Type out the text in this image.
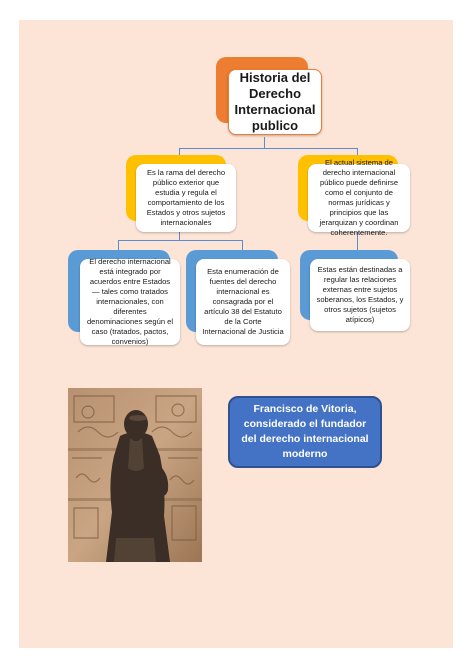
Historia del Derecho Internacional publico
Es la rama del derecho público exterior que estudia y regula el comportamiento de los Estados y otros sujetos internacionales
El actual sistema de derecho internacional público puede definirse como el conjunto de normas jurídicas y principios que las jerarquizan y coordinan coherentemente.
El derecho internacional está integrado por acuerdos entre Estados — tales como tratados internacionales, con diferentes denominaciones según el caso (tratados, pactos, convenios)
Esta enumeración de fuentes del derecho internacional es consagrada por el artículo 38 del Estatuto de la Corte Internacional de Justicia
Estas están destinadas a regular las relaciones externas entre sujetos soberanos, los Estados, y otros sujetos (sujetos atípicos)
Francisco de Vitoria, considerado el fundador del derecho internacional moderno
